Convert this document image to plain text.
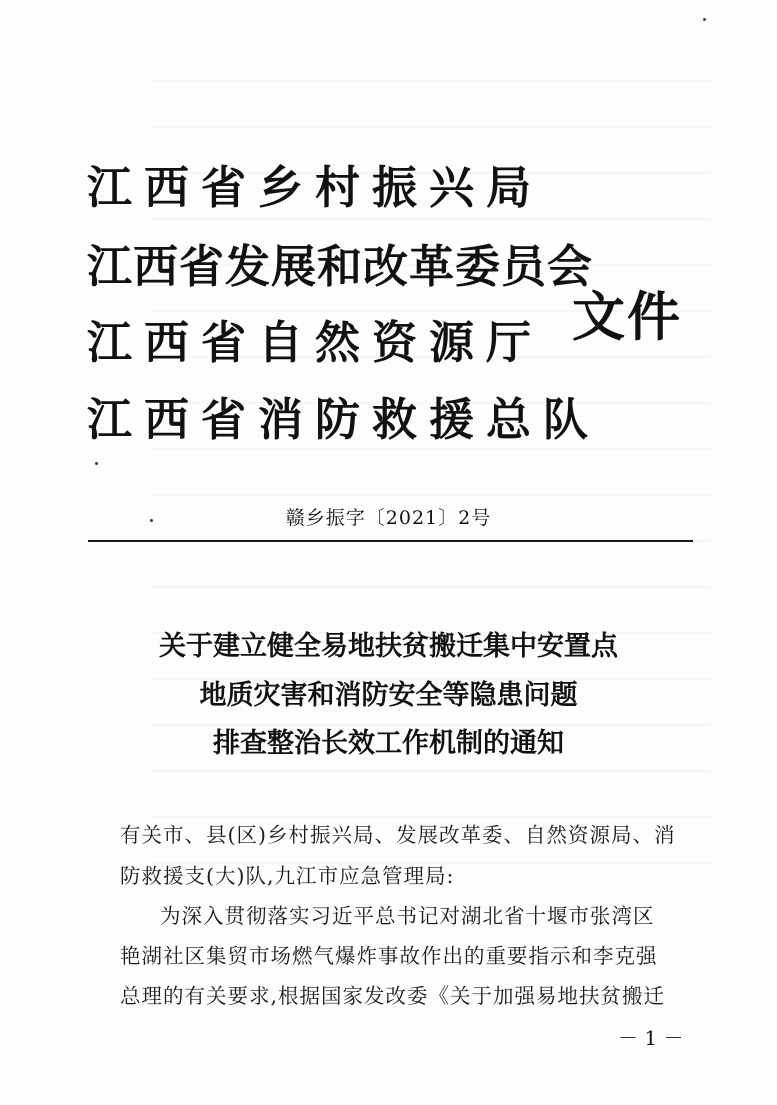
江西省乡村振兴局
江西省发展和改革委员会
江西省自然资源厅
江西省消防救援总队
文件
赣乡振字〔2021〕2号
关于建立健全易地扶贫搬迁集中安置点
地质灾害和消防安全等隐患问题
排查整治长效工作机制的通知
有关市、县(区)乡村振兴局、发展改革委、自然资源局、消
防救援支(大)队,九江市应急管理局:
为深入贯彻落实习近平总书记对湖北省十堰市张湾区
艳湖社区集贸市场燃气爆炸事故作出的重要指示和李克强
总理的有关要求,根据国家发改委《关于加强易地扶贫搬迁
－ 1 －
